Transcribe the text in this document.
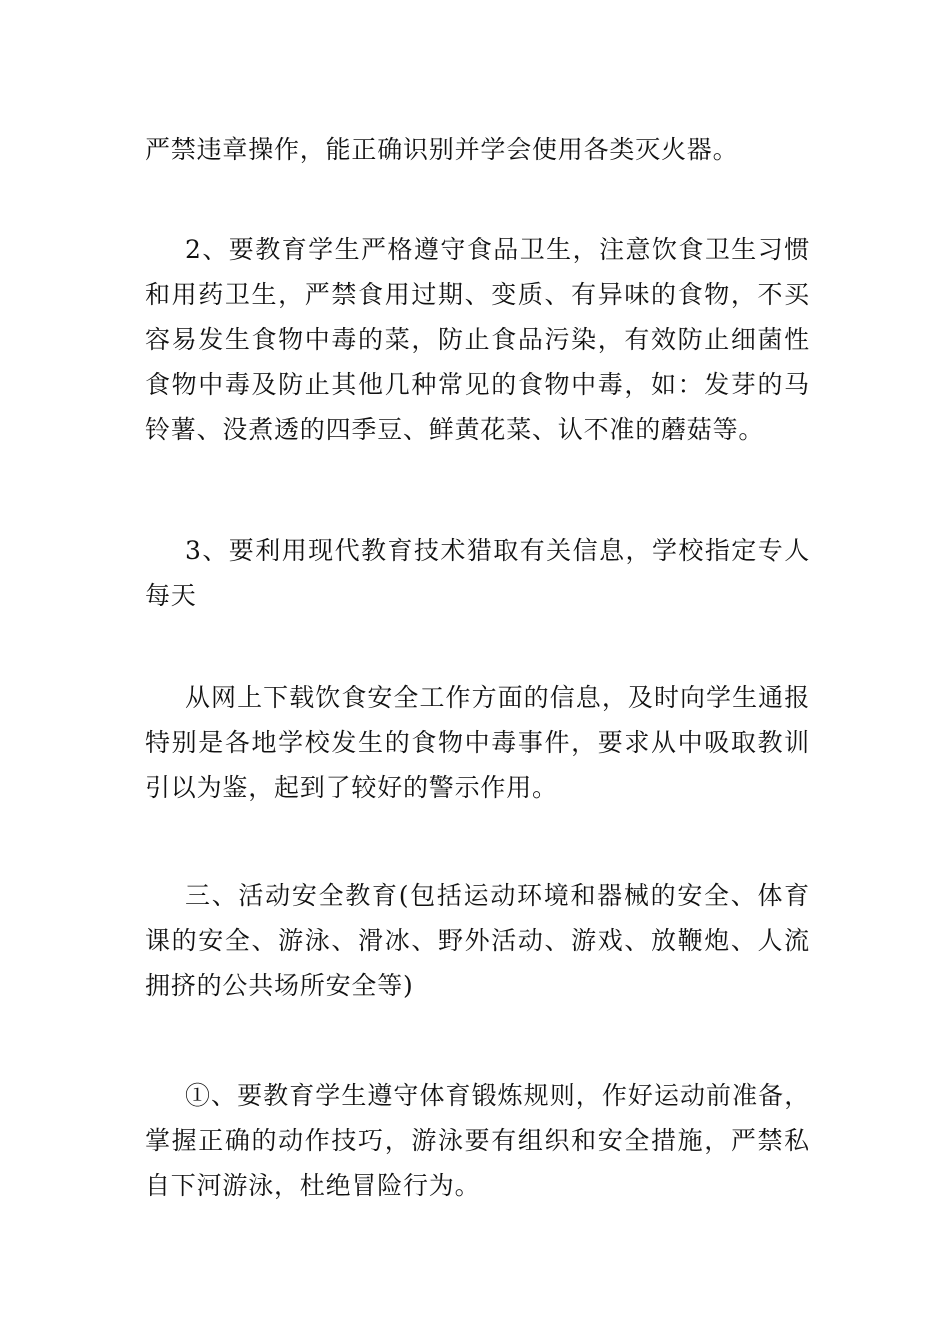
严禁违章操作，能正确识别并学会使用各类灭火器。

2、要教育学生严格遵守食品卫生，注意饮食卫生习惯和用药卫生，严禁食用过期、变质、有异味的食物，不买容易发生食物中毒的菜，防止食品污染，有效防止细菌性食物中毒及防止其他几种常见的食物中毒，如：发芽的马铃薯、没煮透的四季豆、鲜黄花菜、认不准的蘑菇等。

3、要利用现代教育技术猎取有关信息，学校指定专人每天

从网上下载饮食安全工作方面的信息，及时向学生通报特别是各地学校发生的食物中毒事件，要求从中吸取教训引以为鉴，起到了较好的警示作用。

三、活动安全教育(包括运动环境和器械的安全、体育课的安全、游泳、滑冰、野外活动、游戏、放鞭炮、人流拥挤的公共场所安全等)

①、要教育学生遵守体育锻炼规则，作好运动前准备，掌握正确的动作技巧，游泳要有组织和安全措施，严禁私自下河游泳，杜绝冒险行为。
